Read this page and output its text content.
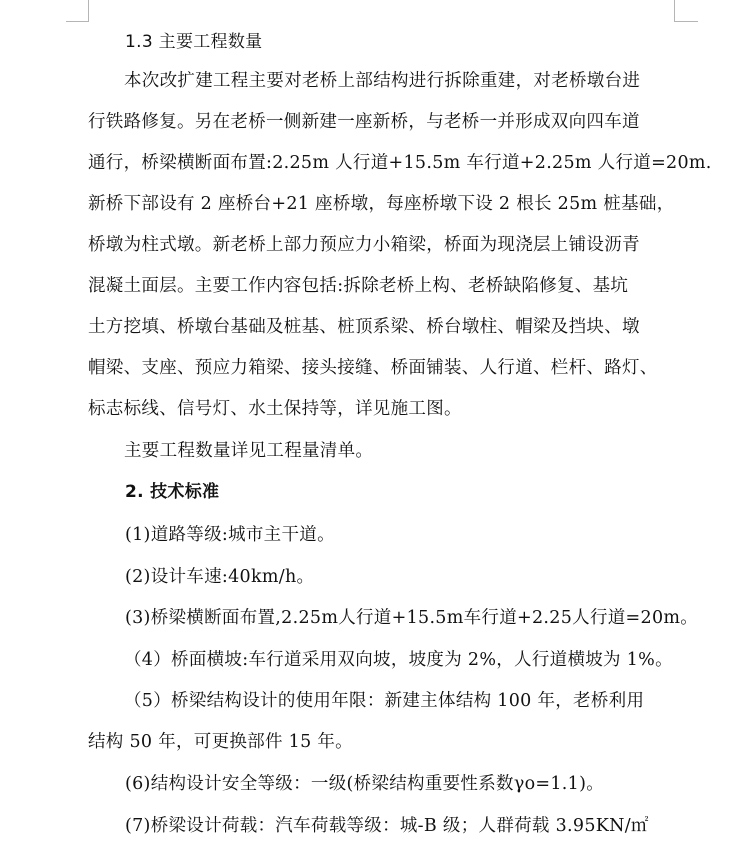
1.3 主要工程数量
本次改扩建工程主要对老桥上部结构进行拆除重建，对老桥墩台进
行铁路修复。另在老桥一侧新建一座新桥，与老桥一并形成双向四车道
通行，桥梁横断面布置:2.25m 人行道+15.5m 车行道+2.25m 人行道=20m.
新桥下部设有 2 座桥台+21 座桥墩，每座桥墩下设 2 根长 25m 桩基础，
桥墩为柱式墩。新老桥上部力预应力小箱梁，桥面为现浇层上铺设沥青
混凝土面层。主要工作内容包括:拆除老桥上构、老桥缺陷修复、基坑
土方挖填、桥墩台基础及桩基、桩顶系梁、桥台墩柱、帽梁及挡块、墩
帽梁、支座、预应力箱梁、接头接缝、桥面铺装、人行道、栏杆、路灯、
标志标线、信号灯、水土保持等，详见施工图。
主要工程数量详见工程量清单。
2. 技术标准
(1)道路等级:城市主干道。
(2)设计车速:40km/h。
(3)桥梁横断面布置,2.25m人行道+15.5m车行道+2.25人行道=20m。
（4）桥面横坡:车行道采用双向坡，坡度为 2%，人行道横坡为 1%。
（5）桥梁结构设计的使用年限：新建主体结构 100 年，老桥利用
结构 50 年，可更换部件 15 年。
(6)结构设计安全等级：一级(桥梁结构重要性系数γo=1.1)。
(7)桥梁设计荷载：汽车荷载等级：城-B 级；人群荷载 3.95KN/㎡
